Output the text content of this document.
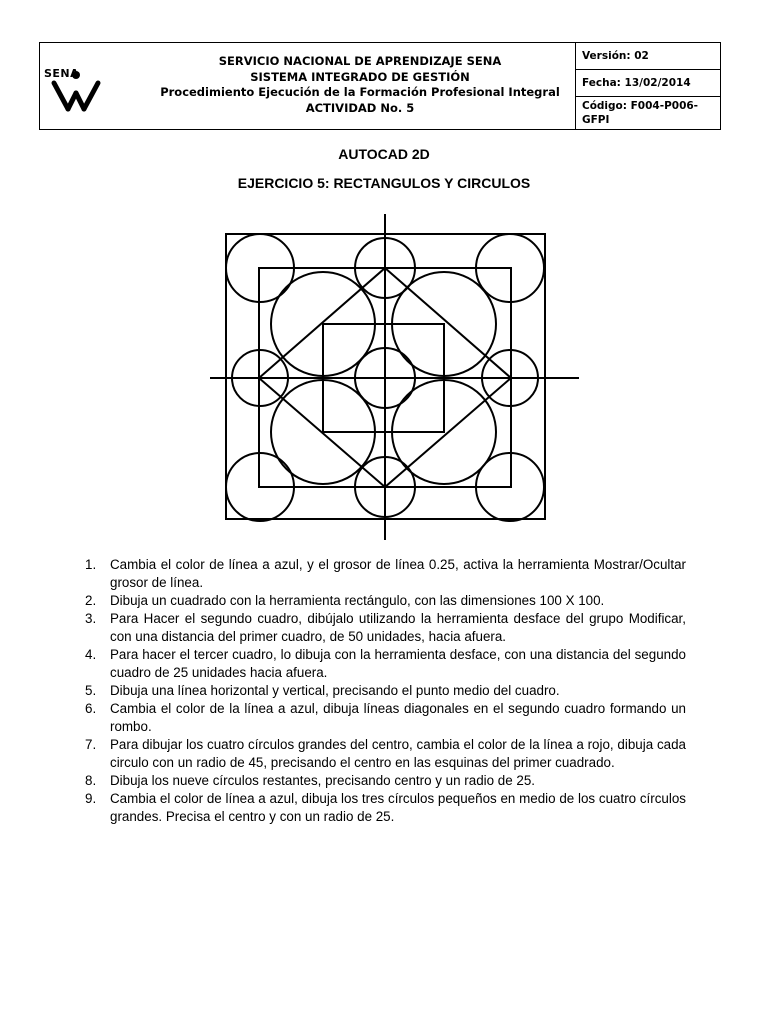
SENA
SERVICIO NACIONAL DE APRENDIZAJE SENA
SISTEMA INTEGRADO DE GESTIÓN
Procedimiento Ejecución de la Formación Profesional Integral
ACTIVIDAD No. 5
Versión: 02
Fecha: 13/02/2014
Código: F004-P006-GFPI
AUTOCAD 2D
EJERCICIO 5: RECTANGULOS Y CIRCULOS
1. Cambia el color de línea a azul, y el grosor de línea 0.25, activa la herramienta Mostrar/Ocultar grosor de línea.
2. Dibuja un cuadrado con la herramienta rectángulo, con las dimensiones 100 X 100.
3. Para Hacer el segundo cuadro, dibújalo utilizando la herramienta desface del grupo Modificar, con una distancia del primer cuadro, de 50 unidades, hacia afuera.
4. Para hacer el tercer cuadro, lo dibuja con la herramienta desface, con una distancia del segundo cuadro de 25 unidades hacia afuera.
5. Dibuja una línea horizontal y vertical, precisando el punto medio del cuadro.
6. Cambia el color de la línea a azul, dibuja líneas diagonales en el segundo cuadro formando un rombo.
7. Para dibujar los cuatro círculos grandes del centro, cambia el color de la línea a rojo, dibuja cada circulo con un radio de 45, precisando el centro en las esquinas del primer cuadrado.
8. Dibuja los nueve círculos restantes, precisando centro y un radio de 25.
9. Cambia el color de línea a azul, dibuja los tres círculos pequeños en medio de los cuatro círculos grandes. Precisa el centro y con un radio de 25.
